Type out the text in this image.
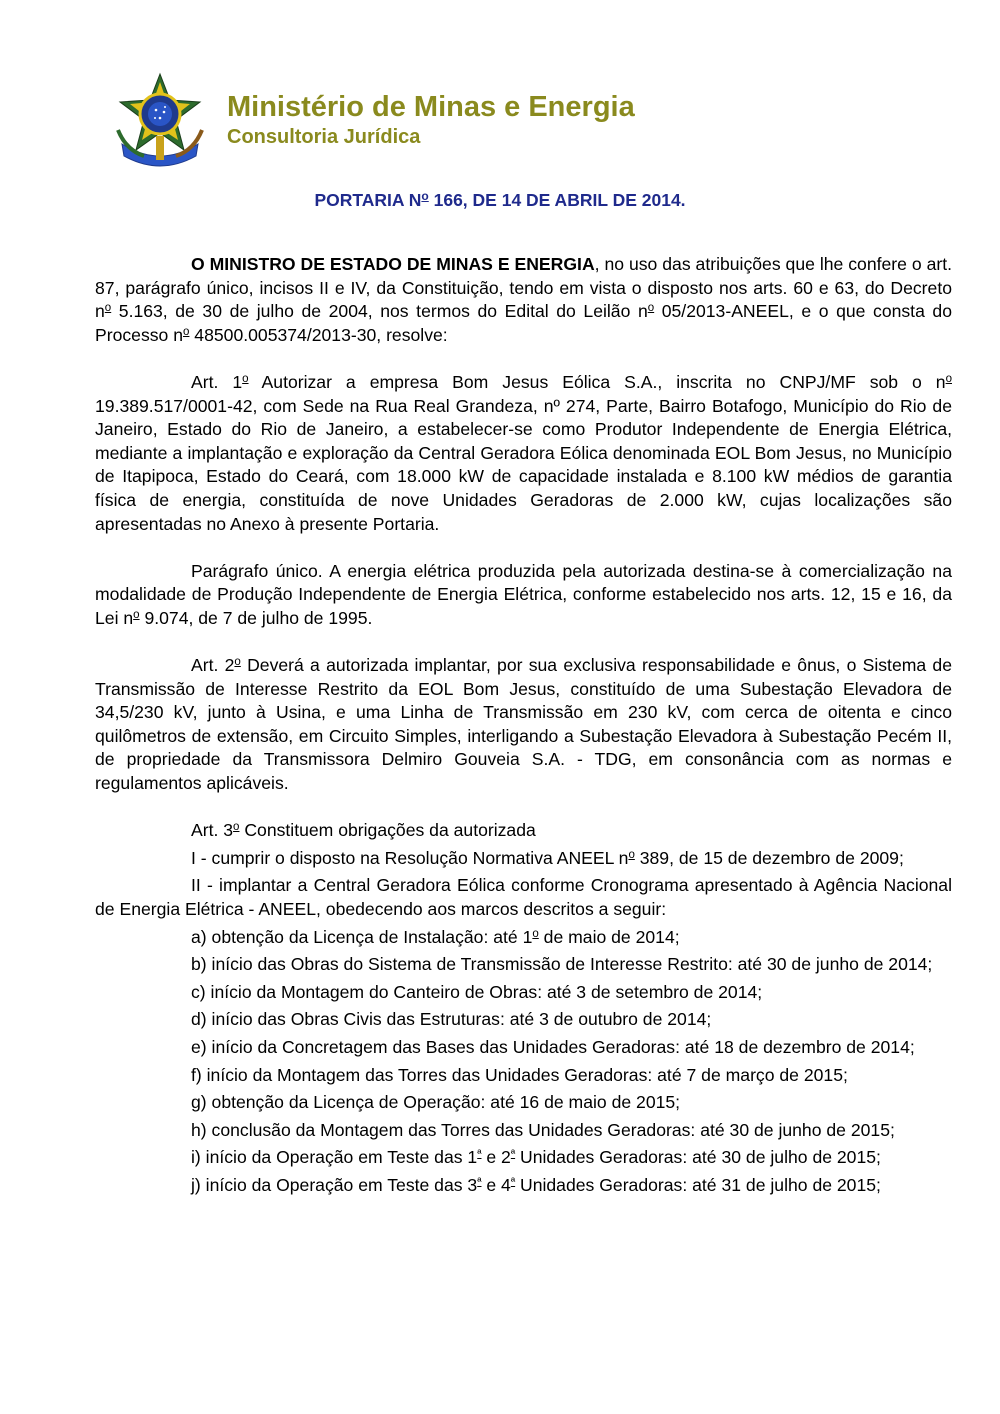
Ministério de Minas e Energia
Consultoria Jurídica
PORTARIA $N^o$ 166, DE 14 DE ABRIL DE 2014.

O MINISTRO DE ESTADO DE MINAS E ENERGIA, no uso das atribuições que lhe confere o art. 87, parágrafo único, incisos II e IV, da Constituição, tendo em vista o disposto nos arts. 60 e 63, do Decreto $n^o$ 5.163, de 30 de julho de 2004, nos termos do Edital do Leilão $n^o$ 05/2013-ANEEL, e o que consta do Processo $n^o$ 48500.005374/2013-30, resolve:

Art. 1$^o$ Autorizar a empresa Bom Jesus Eólica S.A., inscrita no CNPJ/MF sob o $n^o$ 19.389.517/0001-42, com Sede na Rua Real Grandeza, nº 274, Parte, Bairro Botafogo, Município do Rio de Janeiro, Estado do Rio de Janeiro, a estabelecer-se como Produtor Independente de Energia Elétrica, mediante a implantação e exploração da Central Geradora Eólica denominada EOL Bom Jesus, no Município de Itapipoca, Estado do Ceará, com 18.000 kW de capacidade instalada e 8.100 kW médios de garantia física de energia, constituída de nove Unidades Geradoras de 2.000 kW, cujas localizações são apresentadas no Anexo à presente Portaria.

Parágrafo único. A energia elétrica produzida pela autorizada destina-se à comercialização na modalidade de Produção Independente de Energia Elétrica, conforme estabelecido nos arts. 12, 15 e 16, da Lei $n^o$ 9.074, de 7 de julho de 1995.

Art. 2$^o$ Deverá a autorizada implantar, por sua exclusiva responsabilidade e ônus, o Sistema de Transmissão de Interesse Restrito da EOL Bom Jesus, constituído de uma Subestação Elevadora de 34,5/230 kV, junto à Usina, e uma Linha de Transmissão em 230 kV, com cerca de oitenta e cinco quilômetros de extensão, em Circuito Simples, interligando a Subestação Elevadora à Subestação Pecém II, de propriedade da Transmissora Delmiro Gouveia S.A. - TDG, em consonância com as normas e regulamentos aplicáveis.

Art. 3$^o$ Constituem obrigações da autorizada

I - cumprir o disposto na Resolução Normativa ANEEL $n^o$ 389, de 15 de dezembro de 2009;

II - implantar a Central Geradora Eólica conforme Cronograma apresentado à Agência Nacional de Energia Elétrica - ANEEL, obedecendo aos marcos descritos a seguir:

a) obtenção da Licença de Instalação: até 1$^o$ de maio de 2014;

b) início das Obras do Sistema de Transmissão de Interesse Restrito: até 30 de junho de 2014;

c) início da Montagem do Canteiro de Obras: até 3 de setembro de 2014;

d) início das Obras Civis das Estruturas: até 3 de outubro de 2014;

e) início da Concretagem das Bases das Unidades Geradoras: até 18 de dezembro de 2014;

f) início da Montagem das Torres das Unidades Geradoras: até 7 de março de 2015;

g) obtenção da Licença de Operação: até 16 de maio de 2015;

h) conclusão da Montagem das Torres das Unidades Geradoras: até 30 de junho de 2015;

i) início da Operação em Teste das $1^ª$ e $2^ª$ Unidades Geradoras: até 30 de julho de 2015;

j) início da Operação em Teste das $3^ª$ e $4^ª$ Unidades Geradoras: até 31 de julho de 2015;
